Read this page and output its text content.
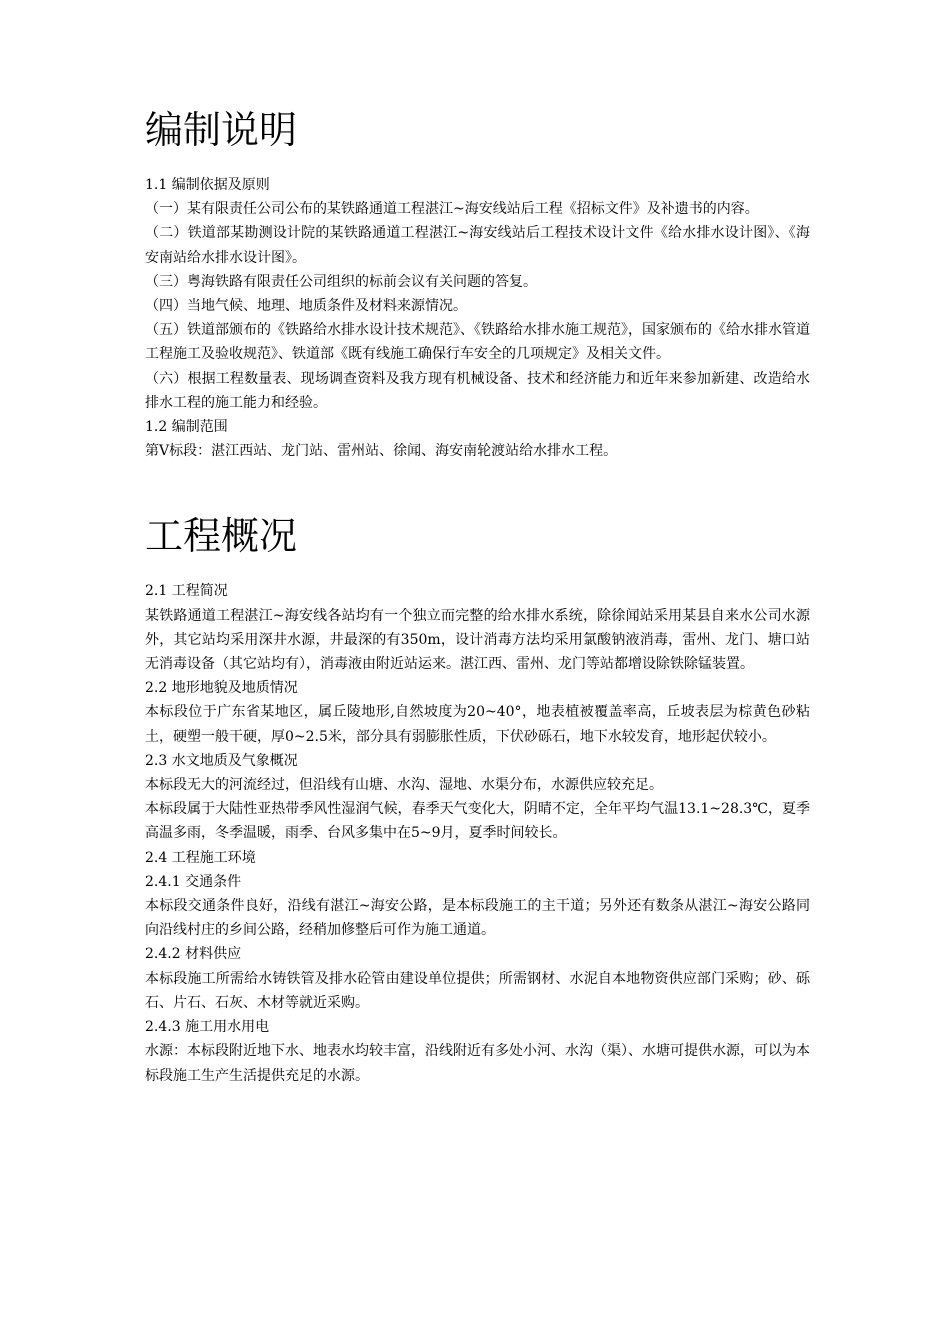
编制说明

1.1 编制依据及原则

（一）某有限责任公司公布的某铁路通道工程湛江~海安线站后工程《招标文件》及补遗书的内容。

（二）铁道部某勘测设计院的某铁路通道工程湛江~海安线站后工程技术设计文件《给水排水设计图》、《海安南站给水排水设计图》。

（三）粤海铁路有限责任公司组织的标前会议有关问题的答复。

（四）当地气候、地理、地质条件及材料来源情况。

（五）铁道部颁布的《铁路给水排水设计技术规范》、《铁路给水排水施工规范》，国家颁布的《给水排水管道工程施工及验收规范》、铁道部《既有线施工确保行车安全的几项规定》及相关文件。

（六）根据工程数量表、现场调查资料及我方现有机械设备、技术和经济能力和近年来参加新建、改造给水排水工程的施工能力和经验。

1.2 编制范围

第Ⅴ标段：湛江西站、龙门站、雷州站、徐闻、海安南轮渡站给水排水工程。

工程概况

2.1 工程简况

某铁路通道工程湛江~海安线各站均有一个独立而完整的给水排水系统，除徐闻站采用某县自来水公司水源外，其它站均采用深井水源，井最深的有350m，设计消毒方法均采用氯酸钠液消毒，雷州、龙门、塘口站无消毒设备（其它站均有），消毒液由附近站运来。湛江西、雷州、龙门等站都增设除铁除锰装置。

2.2 地形地貌及地质情况

本标段位于广东省某地区，属丘陵地形,自然坡度为20~40°，地表植被覆盖率高，丘坡表层为棕黄色砂粘土，硬塑一般干硬，厚0~2.5米，部分具有弱膨胀性质，下伏砂砾石，地下水较发育，地形起伏较小。

2.3 水文地质及气象概况

本标段无大的河流经过，但沿线有山塘、水沟、湿地、水渠分布，水源供应较充足。

本标段属于大陆性亚热带季风性湿润气候，春季天气变化大，阴晴不定，全年平均气温13.1~28.3℃，夏季高温多雨，冬季温暖，雨季、台风多集中在5~9月，夏季时间较长。

2.4 工程施工环境

2.4.1 交通条件

本标段交通条件良好，沿线有湛江~海安公路，是本标段施工的主干道；另外还有数条从湛江~海安公路同向沿线村庄的乡间公路，经稍加修整后可作为施工通道。

2.4.2 材料供应

本标段施工所需给水铸铁管及排水砼管由建设单位提供；所需钢材、水泥自本地物资供应部门采购；砂、砾石、片石、石灰、木材等就近采购。

2.4.3 施工用水用电

水源：本标段附近地下水、地表水均较丰富，沿线附近有多处小河、水沟（渠）、水塘可提供水源，可以为本标段施工生产生活提供充足的水源。
